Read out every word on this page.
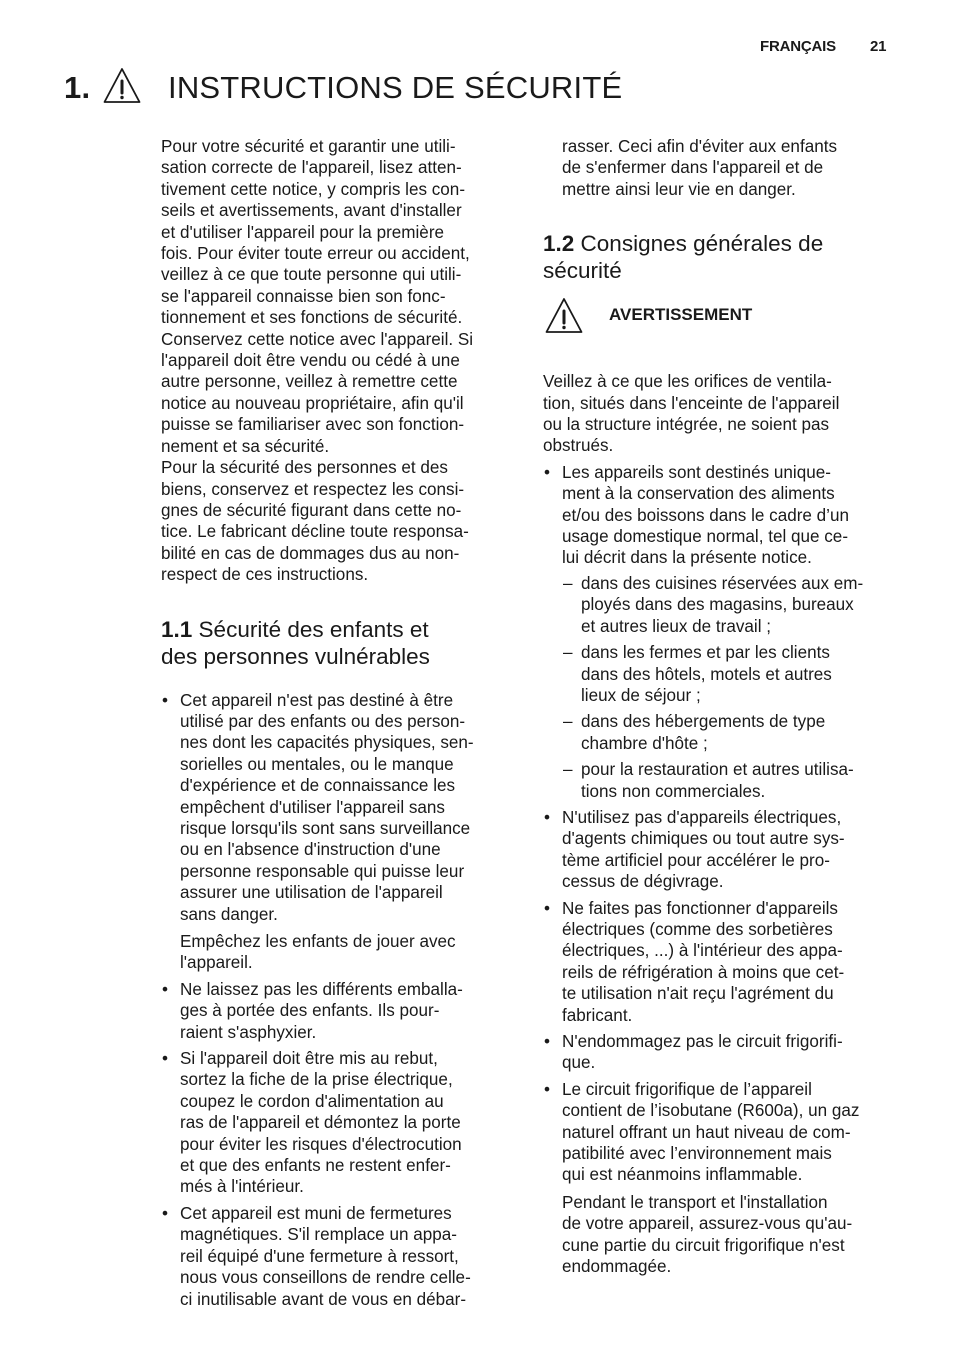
FRANÇAIS 21
1.	INSTRUCTIONS DE SÉCURITÉ

Pour votre sécurité et garantir une utili-
sation correcte de l'appareil, lisez atten-
tivement cette notice, y compris les con-
seils et avertissements, avant d'installer
et d'utiliser l'appareil pour la première
fois. Pour éviter toute erreur ou accident,
veillez à ce que toute personne qui utili-
se l'appareil connaisse bien son fonc-
tionnement et ses fonctions de sécurité.
Conservez cette notice avec l'appareil. Si
l'appareil doit être vendu ou cédé à une
autre personne, veillez à remettre cette
notice au nouveau propriétaire, afin qu'il
puisse se familiariser avec son fonction-
nement et sa sécurité.
Pour la sécurité des personnes et des
biens, conservez et respectez les consi-
gnes de sécurité figurant dans cette no-
tice. Le fabricant décline toute responsa-
bilité en cas de dommages dus au non-
respect de ces instructions.

1.1 Sécurité des enfants et
des personnes vulnérables
• Cet appareil n'est pas destiné à être
utilisé par des enfants ou des person-
nes dont les capacités physiques, sen-
sorielles ou mentales, ou le manque
d'expérience et de connaissance les
empêchent d'utiliser l'appareil sans
risque lorsqu'ils sont sans surveillance
ou en l'absence d'instruction d'une
personne responsable qui puisse leur
assurer une utilisation de l'appareil
sans danger.
Empêchez les enfants de jouer avec
l'appareil.
• Ne laissez pas les différents emballa-
ges à portée des enfants. Ils pour-
raient s'asphyxier.
• Si l'appareil doit être mis au rebut,
sortez la fiche de la prise électrique,
coupez le cordon d'alimentation au
ras de l'appareil et démontez la porte
pour éviter les risques d'électrocution
et que des enfants ne restent enfer-
més à l'intérieur.
• Cet appareil est muni de fermetures
magnétiques. S'il remplace un appa-
reil équipé d'une fermeture à ressort,
nous vous conseillons de rendre celle-
ci inutilisable avant de vous en débar-

rasser. Ceci afin d'éviter aux enfants
de s'enfermer dans l'appareil et de
mettre ainsi leur vie en danger.

1.2 Consignes générales de
sécurité
AVERTISSEMENT

Veillez à ce que les orifices de ventila-
tion, situés dans l'enceinte de l'appareil
ou la structure intégrée, ne soient pas
obstrués.

• Les appareils sont destinés unique-
ment à la conservation des aliments
et/ou des boissons dans le cadre d’un
usage domestique normal, tel que ce-
lui décrit dans la présente notice.
– dans des cuisines réservées aux em-
ployés dans des magasins, bureaux
et autres lieux de travail ;
– dans les fermes et par les clients
dans des hôtels, motels et autres
lieux de séjour ;
– dans des hébergements de type
chambre d'hôte ;
– pour la restauration et autres utilisa-
tions non commerciales.
• N'utilisez pas d'appareils électriques,
d'agents chimiques ou tout autre sys-
tème artificiel pour accélérer le pro-
cessus de dégivrage.
• Ne faites pas fonctionner d'appareils
électriques (comme des sorbetières
électriques, ...) à l'intérieur des appa-
reils de réfrigération à moins que cet-
te utilisation n'ait reçu l'agrément du
fabricant.
• N'endommagez pas le circuit frigorifi-
que.
• Le circuit frigorifique de l’appareil
contient de l’isobutane (R600a), un gaz
naturel offrant un haut niveau de com-
patibilité avec l’environnement mais
qui est néanmoins inflammable.
Pendant le transport et l'installation
de votre appareil, assurez-vous qu'au-
cune partie du circuit frigorifique n'est
endommagée.
